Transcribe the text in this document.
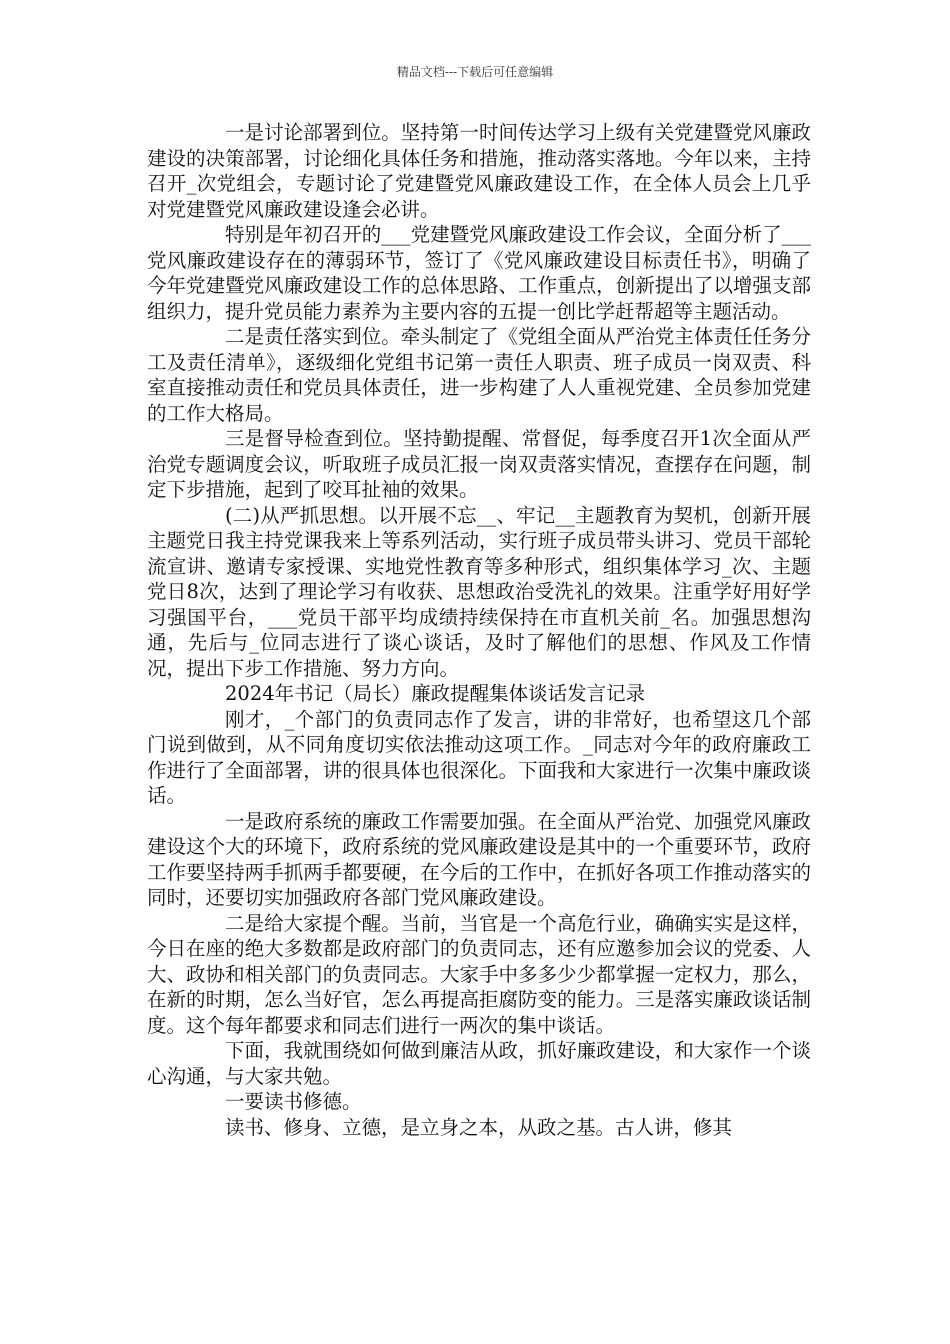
精品文档---下载后可任意编辑

一是讨论部署到位。坚持第一时间传达学习上级有关党建暨党风廉政建设的决策部署，讨论细化具体任务和措施，推动落实落地。今年以来，主持召开_次党组会，专题讨论了党建暨党风廉政建设工作，在全体人员会上几乎对党建暨党风廉政建设逢会必讲。

特别是年初召开的___党建暨党风廉政建设工作会议，全面分析了___党风廉政建设存在的薄弱环节，签订了《党风廉政建设目标责任书》，明确了今年党建暨党风廉政建设工作的总体思路、工作重点，创新提出了以增强支部组织力，提升党员能力素养为主要内容的五提一创比学赶帮超等主题活动。

二是责任落实到位。牵头制定了《党组全面从严治党主体责任任务分工及责任清单》，逐级细化党组书记第一责任人职责、班子成员一岗双责、科室直接推动责任和党员具体责任，进一步构建了人人重视党建、全员参加党建的工作大格局。

三是督导检查到位。坚持勤提醒、常督促，每季度召开1次全面从严治党专题调度会议，听取班子成员汇报一岗双责落实情况，查摆存在问题，制定下步措施，起到了咬耳扯袖的效果。

(二)从严抓思想。以开展不忘__、牢记__主题教育为契机，创新开展主题党日我主持党课我来上等系列活动，实行班子成员带头讲习、党员干部轮流宣讲、邀请专家授课、实地党性教育等多种形式，组织集体学习_次、主题党日8次，达到了理论学习有收获、思想政治受洗礼的效果。注重学好用好学习强国平台，___党员干部平均成绩持续保持在市直机关前_名。加强思想沟通，先后与_位同志进行了谈心谈话，及时了解他们的思想、作风及工作情况，提出下步工作措施、努力方向。

2024年书记（局长）廉政提醒集体谈话发言记录

刚才，_个部门的负责同志作了发言，讲的非常好，也希望这几个部门说到做到，从不同角度切实依法推动这项工作。_同志对今年的政府廉政工作进行了全面部署，讲的很具体也很深化。下面我和大家进行一次集中廉政谈话。

一是政府系统的廉政工作需要加强。在全面从严治党、加强党风廉政建设这个大的环境下，政府系统的党风廉政建设是其中的一个重要环节，政府工作要坚持两手抓两手都要硬，在今后的工作中，在抓好各项工作推动落实的同时，还要切实加强政府各部门党风廉政建设。

二是给大家提个醒。当前，当官是一个高危行业，确确实实是这样，今日在座的绝大多数都是政府部门的负责同志，还有应邀参加会议的党委、人大、政协和相关部门的负责同志。大家手中多多少少都掌握一定权力，那么，在新的时期，怎么当好官，怎么再提高拒腐防变的能力。三是落实廉政谈话制度。这个每年都要求和同志们进行一两次的集中谈话。

下面，我就围绕如何做到廉洁从政，抓好廉政建设，和大家作一个谈心沟通，与大家共勉。

一要读书修德。

读书、修身、立德，是立身之本，从政之基。古人讲，修其
